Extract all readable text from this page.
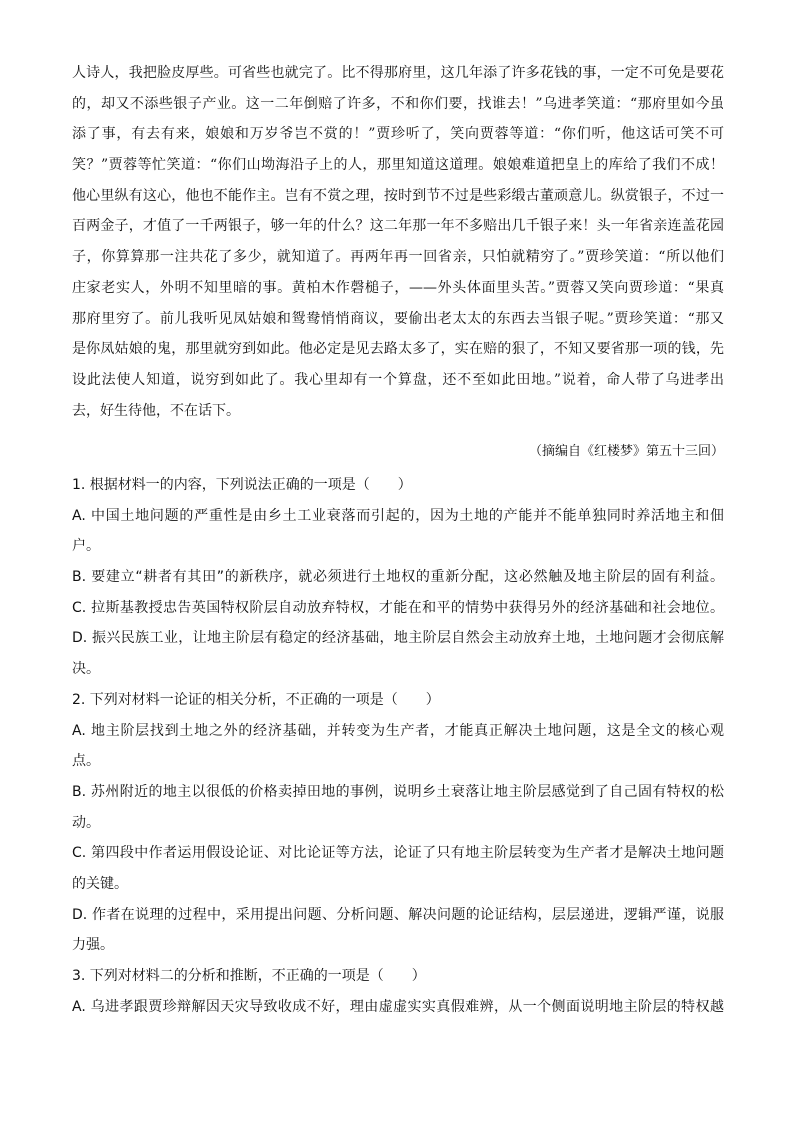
人诗人，我把脸皮厚些。可省些也就完了。比不得那府里，这几年添了许多花钱的事，一定不可免是要花
的，却又不添些银子产业。这一二年倒赔了许多，不和你们要，找谁去！”乌进孝笑道：“那府里如今虽
添了事，有去有来，娘娘和万岁爷岂不赏的！”贾珍听了，笑向贾蓉等道：“你们听，他这话可笑不可
笑？”贾蓉等忙笑道：“你们山坳海沿子上的人，那里知道这道理。娘娘难道把皇上的库给了我们不成！
他心里纵有这心，他也不能作主。岂有不赏之理，按时到节不过是些彩缎古董顽意儿。纵赏银子，不过一
百两金子，才值了一千两银子，够一年的什么？这二年那一年不多赔出几千银子来！头一年省亲连盖花园
子，你算算那一注共花了多少，就知道了。再两年再一回省亲，只怕就精穷了。”贾珍笑道：“所以他们
庄家老实人，外明不知里暗的事。黄柏木作磬槌子，——外头体面里头苦。”贾蓉又笑向贾珍道：“果真
那府里穷了。前儿我听见凤姑娘和鸳鸯悄悄商议，要偷出老太太的东西去当银子呢。”贾珍笑道：“那又
是你凤姑娘的鬼，那里就穷到如此。他必定是见去路太多了，实在赔的狠了，不知又要省那一项的钱，先
设此法使人知道，说穷到如此了。我心里却有一个算盘，还不至如此田地。”说着，命人带了乌进孝出
去，好生待他，不在话下。
（摘编自《红楼梦》第五十三回）
1. 根据材料一的内容，下列说法正确的一项是（　　）
A. 中国土地问题的严重性是由乡土工业衰落而引起的，因为土地的产能并不能单独同时养活地主和佃
户。
B. 要建立“耕者有其田”的新秩序，就必须进行土地权的重新分配，这必然触及地主阶层的固有利益。
C. 拉斯基教授忠告英国特权阶层自动放弃特权，才能在和平的情势中获得另外的经济基础和社会地位。
D. 振兴民族工业，让地主阶层有稳定的经济基础，地主阶层自然会主动放弃土地，土地问题才会彻底解
决。
2. 下列对材料一论证的相关分析，不正确的一项是（　　）
A. 地主阶层找到土地之外的经济基础，并转变为生产者，才能真正解决土地问题，这是全文的核心观
点。
B. 苏州附近的地主以很低的价格卖掉田地的事例，说明乡土衰落让地主阶层感觉到了自己固有特权的松
动。
C. 第四段中作者运用假设论证、对比论证等方法，论证了只有地主阶层转变为生产者才是解决土地问题
的关键。
D. 作者在说理的过程中，采用提出问题、分析问题、解决问题的论证结构，层层递进，逻辑严谨，说服
力强。
3. 下列对材料二的分析和推断，不正确的一项是（　　）
A. 乌进孝跟贾珍辩解因天灾导致收成不好，理由虚虚实实真假难辨，从一个侧面说明地主阶层的特权越
